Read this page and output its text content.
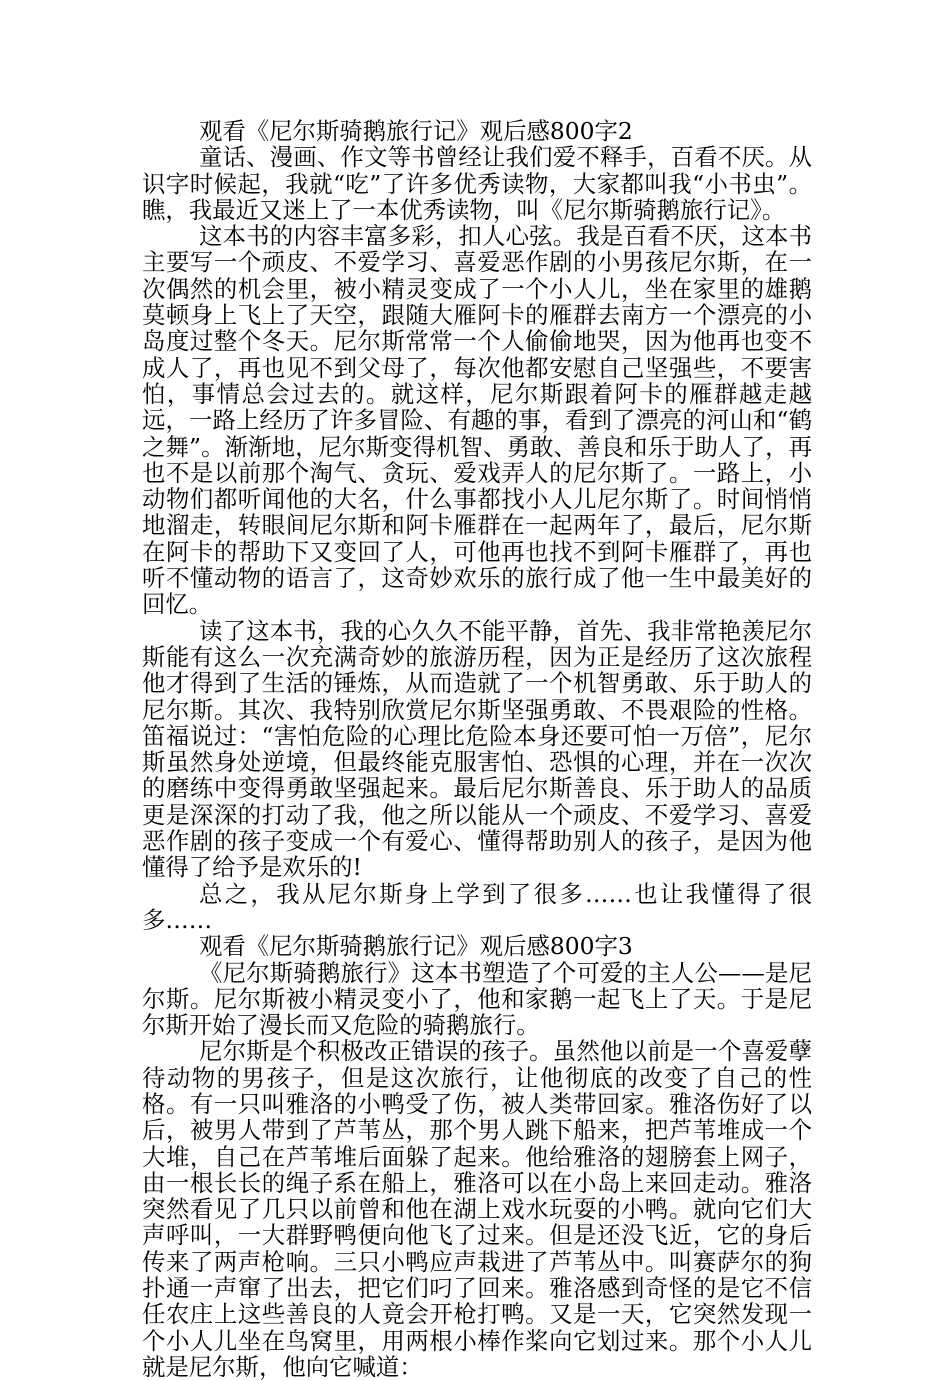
观看《尼尔斯骑鹅旅行记》观后感800字2

童话、漫画、作文等书曾经让我们爱不释手，百看不厌。从识字时候起，我就“吃”了许多优秀读物，大家都叫我“小书虫”。瞧，我最近又迷上了一本优秀读物，叫《尼尔斯骑鹅旅行记》。

这本书的内容丰富多彩，扣人心弦。我是百看不厌，这本书主要写一个顽皮、不爱学习、喜爱恶作剧的小男孩尼尔斯，在一次偶然的机会里，被小精灵变成了一个小人儿，坐在家里的雄鹅莫顿身上飞上了天空，跟随大雁阿卡的雁群去南方一个漂亮的小岛度过整个冬天。尼尔斯常常一个人偷偷地哭，因为他再也变不成人了，再也见不到父母了，每次他都安慰自己坚强些，不要害怕，事情总会过去的。就这样，尼尔斯跟着阿卡的雁群越走越远，一路上经历了许多冒险、有趣的事，看到了漂亮的河山和“鹤之舞”。渐渐地，尼尔斯变得机智、勇敢、善良和乐于助人了，再也不是以前那个淘气、贪玩、爱戏弄人的尼尔斯了。一路上，小动物们都听闻他的大名，什么事都找小人儿尼尔斯了。时间悄悄地溜走，转眼间尼尔斯和阿卡雁群在一起两年了，最后，尼尔斯在阿卡的帮助下又变回了人，可他再也找不到阿卡雁群了，再也听不懂动物的语言了，这奇妙欢乐的旅行成了他一生中最美好的回忆。

读了这本书，我的心久久不能平静，首先、我非常艳羡尼尔斯能有这么一次充满奇妙的旅游历程，因为正是经历了这次旅程他才得到了生活的锤炼，从而造就了一个机智勇敢、乐于助人的尼尔斯。其次、我特别欣赏尼尔斯坚强勇敢、不畏艰险的性格。笛福说过：“害怕危险的心理比危险本身还要可怕一万倍”，尼尔斯虽然身处逆境，但最终能克服害怕、恐惧的心理，并在一次次的磨练中变得勇敢坚强起来。最后尼尔斯善良、乐于助人的品质更是深深的打动了我，他之所以能从一个顽皮、不爱学习、喜爱恶作剧的孩子变成一个有爱心、懂得帮助别人的孩子，是因为他懂得了给予是欢乐的!

总之，我从尼尔斯身上学到了很多……也让我懂得了很多……

观看《尼尔斯骑鹅旅行记》观后感800字3

《尼尔斯骑鹅旅行》这本书塑造了个可爱的主人公——是尼尔斯。尼尔斯被小精灵变小了，他和家鹅一起飞上了天。于是尼尔斯开始了漫长而又危险的骑鹅旅行。

尼尔斯是个积极改正错误的孩子。虽然他以前是一个喜爱孽待动物的男孩子，但是这次旅行，让他彻底的改变了自己的性格。有一只叫雅洛的小鸭受了伤，被人类带回家。雅洛伤好了以后，被男人带到了芦苇丛，那个男人跳下船来，把芦苇堆成一个大堆，自己在芦苇堆后面躲了起来。他给雅洛的翅膀套上网子，由一根长长的绳子系在船上，雅洛可以在小岛上来回走动。雅洛突然看见了几只以前曾和他在湖上戏水玩耍的小鸭。就向它们大声呼叫，一大群野鸭便向他飞了过来。但是还没飞近，它的身后传来了两声枪响。三只小鸭应声栽进了芦苇丛中。叫赛萨尔的狗扑通一声窜了出去，把它们叼了回来。雅洛感到奇怪的是它不信任农庄上这些善良的人竟会开枪打鸭。又是一天，它突然发现一个小人儿坐在鸟窝里，用两根小棒作桨向它划过来。那个小人儿就是尼尔斯，他向它喊道：
